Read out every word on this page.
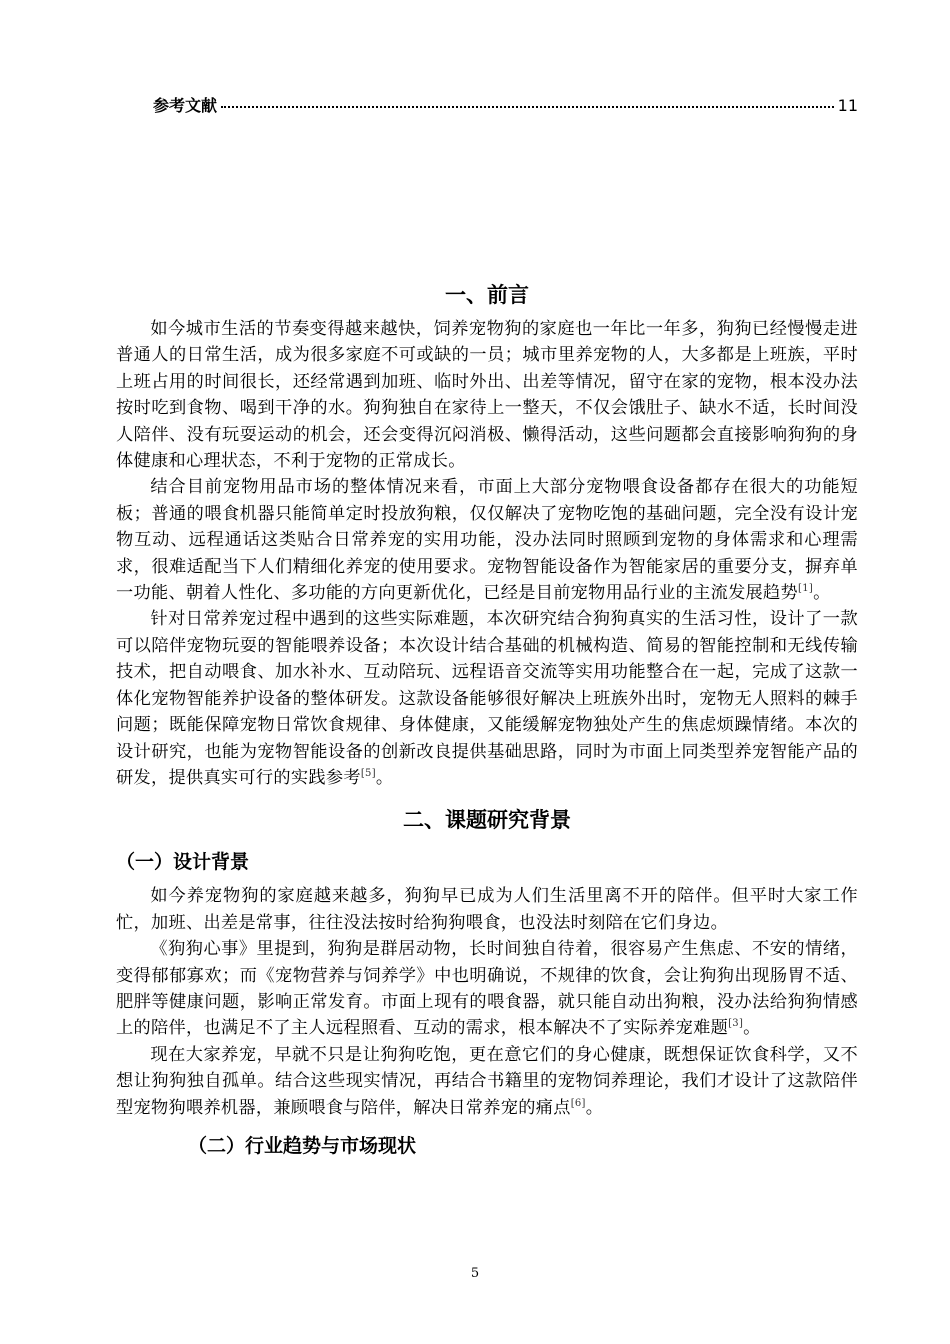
参考文献	11
一、前言

如今城市生活的节奏变得越来越快，饲养宠物狗的家庭也一年比一年多，狗狗已经慢慢走进普通人的日常生活，成为很多家庭不可或缺的一员；城市里养宠物的人，大多都是上班族，平时上班占用的时间很长，还经常遇到加班、临时外出、出差等情况，留守在家的宠物，根本没办法按时吃到食物、喝到干净的水。狗狗独自在家待上一整天，不仅会饿肚子、缺水不适，长时间没人陪伴、没有玩耍运动的机会，还会变得沉闷消极、懒得活动，这些问题都会直接影响狗狗的身体健康和心理状态，不利于宠物的正常成长。

结合目前宠物用品市场的整体情况来看，市面上大部分宠物喂食设备都存在很大的功能短板；普通的喂食机器只能简单定时投放狗粮，仅仅解决了宠物吃饱的基础问题，完全没有设计宠物互动、远程通话这类贴合日常养宠的实用功能，没办法同时照顾到宠物的身体需求和心理需求，很难适配当下人们精细化养宠的使用要求。宠物智能设备作为智能家居的重要分支，摒弃单一功能、朝着人性化、多功能的方向更新优化，已经是目前宠物用品行业的主流发展趋势[1]。

针对日常养宠过程中遇到的这些实际难题，本次研究结合狗狗真实的生活习性，设计了一款可以陪伴宠物玩耍的智能喂养设备；本次设计结合基础的机械构造、简易的智能控制和无线传输技术，把自动喂食、加水补水、互动陪玩、远程语音交流等实用功能整合在一起，完成了这款一体化宠物智能养护设备的整体研发。这款设备能够很好解决上班族外出时，宠物无人照料的棘手问题；既能保障宠物日常饮食规律、身体健康，又能缓解宠物独处产生的焦虑烦躁情绪。本次的设计研究，也能为宠物智能设备的创新改良提供基础思路，同时为市面上同类型养宠智能产品的研发，提供真实可行的实践参考[5]。

二、课题研究背景
（一）设计背景

如今养宠物狗的家庭越来越多，狗狗早已成为人们生活里离不开的陪伴。但平时大家工作忙，加班、出差是常事，往往没法按时给狗狗喂食，也没法时刻陪在它们身边。

《狗狗心事》里提到，狗狗是群居动物，长时间独自待着，很容易产生焦虑、不安的情绪，变得郁郁寡欢；而《宠物营养与饲养学》中也明确说，不规律的饮食，会让狗狗出现肠胃不适、肥胖等健康问题，影响正常发育。市面上现有的喂食器，就只能自动出狗粮，没办法给狗狗情感上的陪伴，也满足不了主人远程照看、互动的需求，根本解决不了实际养宠难题[3]。

现在大家养宠，早就不只是让狗狗吃饱，更在意它们的身心健康，既想保证饮食科学，又不想让狗狗独自孤单。结合这些现实情况，再结合书籍里的宠物饲养理论，我们才设计了这款陪伴型宠物狗喂养机器，兼顾喂食与陪伴，解决日常养宠的痛点[6]。

（二）行业趋势与市场现状
5
